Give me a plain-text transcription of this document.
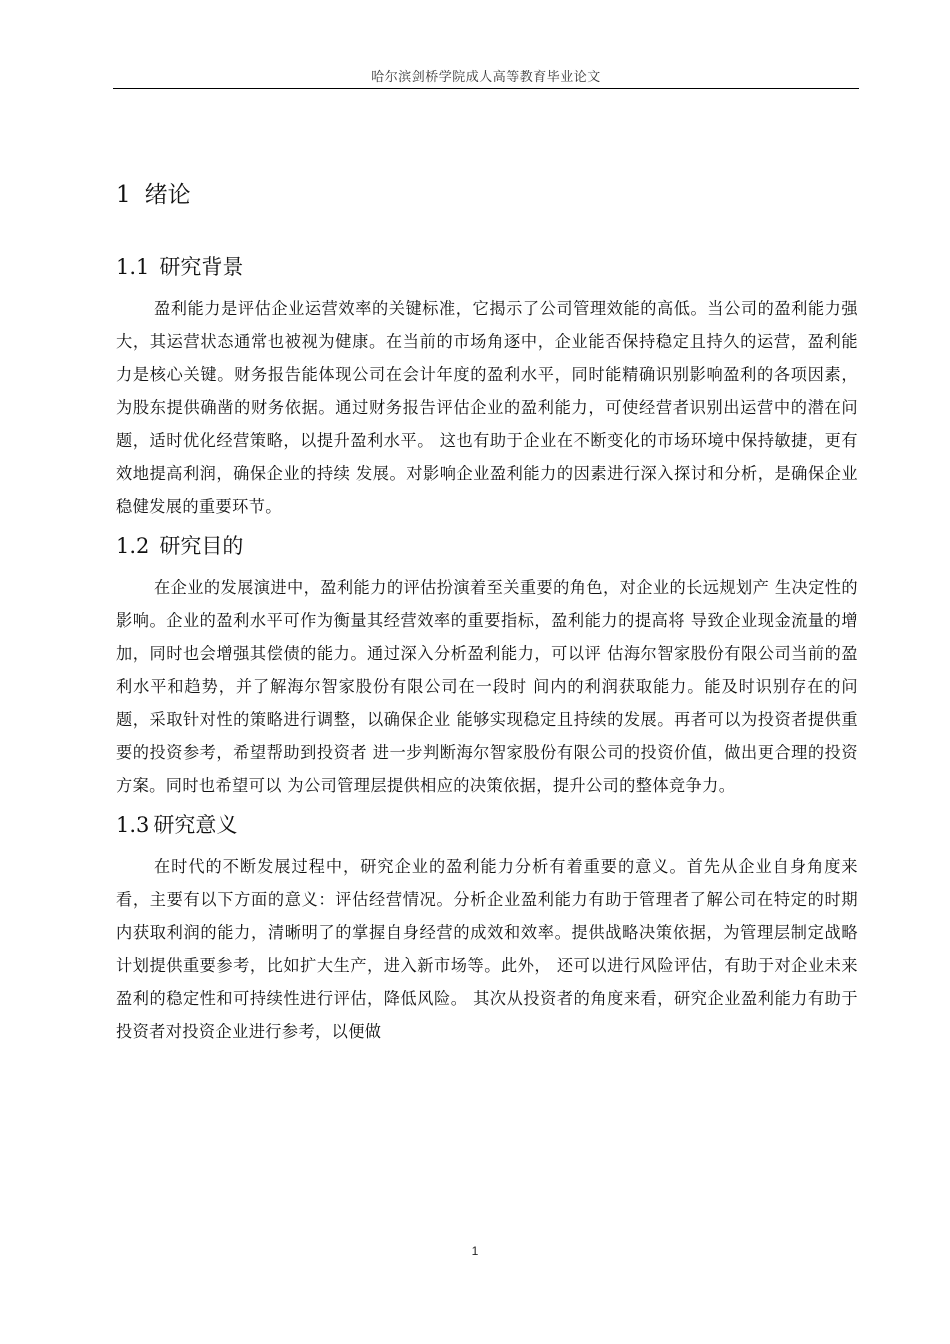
哈尔滨剑桥学院成人高等教育毕业论文
1 绪论
1.1 研究背景

盈利能力是评估企业运营效率的关键标准，它揭示了公司管理效能的高低。当公司的盈利能力强大，其运营状态通常也被视为健康。在当前的市场角逐中，企业能否保持稳定且持久的运营，盈利能力是核心关键。财务报告能体现公司在会计年度的盈利水平，同时能精确识别影响盈利的各项因素，为股东提供确凿的财务依据。通过财务报告评估企业的盈利能力，可使经营者识别出运营中的潜在问题，适时优化经营策略，以提升盈利水平。 这也有助于企业在不断变化的市场环境中保持敏捷，更有效地提高利润，确保企业的持续 发展。对影响企业盈利能力的因素进行深入探讨和分析，是确保企业稳健发展的重要环节。

1.2 研究目的

在企业的发展演进中，盈利能力的评估扮演着至关重要的角色，对企业的长远规划产 生决定性的影响。企业的盈利水平可作为衡量其经营效率的重要指标，盈利能力的提高将 导致企业现金流量的增加，同时也会增强其偿债的能力。通过深入分析盈利能力，可以评 估海尔智家股份有限公司当前的盈利水平和趋势，并了解海尔智家股份有限公司在一段时 间内的利润获取能力。能及时识别存在的问题，采取针对性的策略进行调整，以确保企业 能够实现稳定且持续的发展。再者可以为投资者提供重要的投资参考，希望帮助到投资者 进一步判断海尔智家股份有限公司的投资价值，做出更合理的投资方案。同时也希望可以 为公司管理层提供相应的决策依据，提升公司的整体竞争力。

1.3 研究意义

在时代的不断发展过程中，研究企业的盈利能力分析有着重要的意义。首先从企业自身角度来看，主要有以下方面的意义：评估经营情况。分析企业盈利能力有助于管理者了解公司在特定的时期内获取利润的能力，清晰明了的掌握自身经营的成效和效率。提供战略决策依据，为管理层制定战略计划提供重要参考，比如扩大生产，进入新市场等。此外， 还可以进行风险评估，有助于对企业未来盈利的稳定性和可持续性进行评估，降低风险。 其次从投资者的角度来看，研究企业盈利能力有助于投资者对投资企业进行参考，以便做

1
